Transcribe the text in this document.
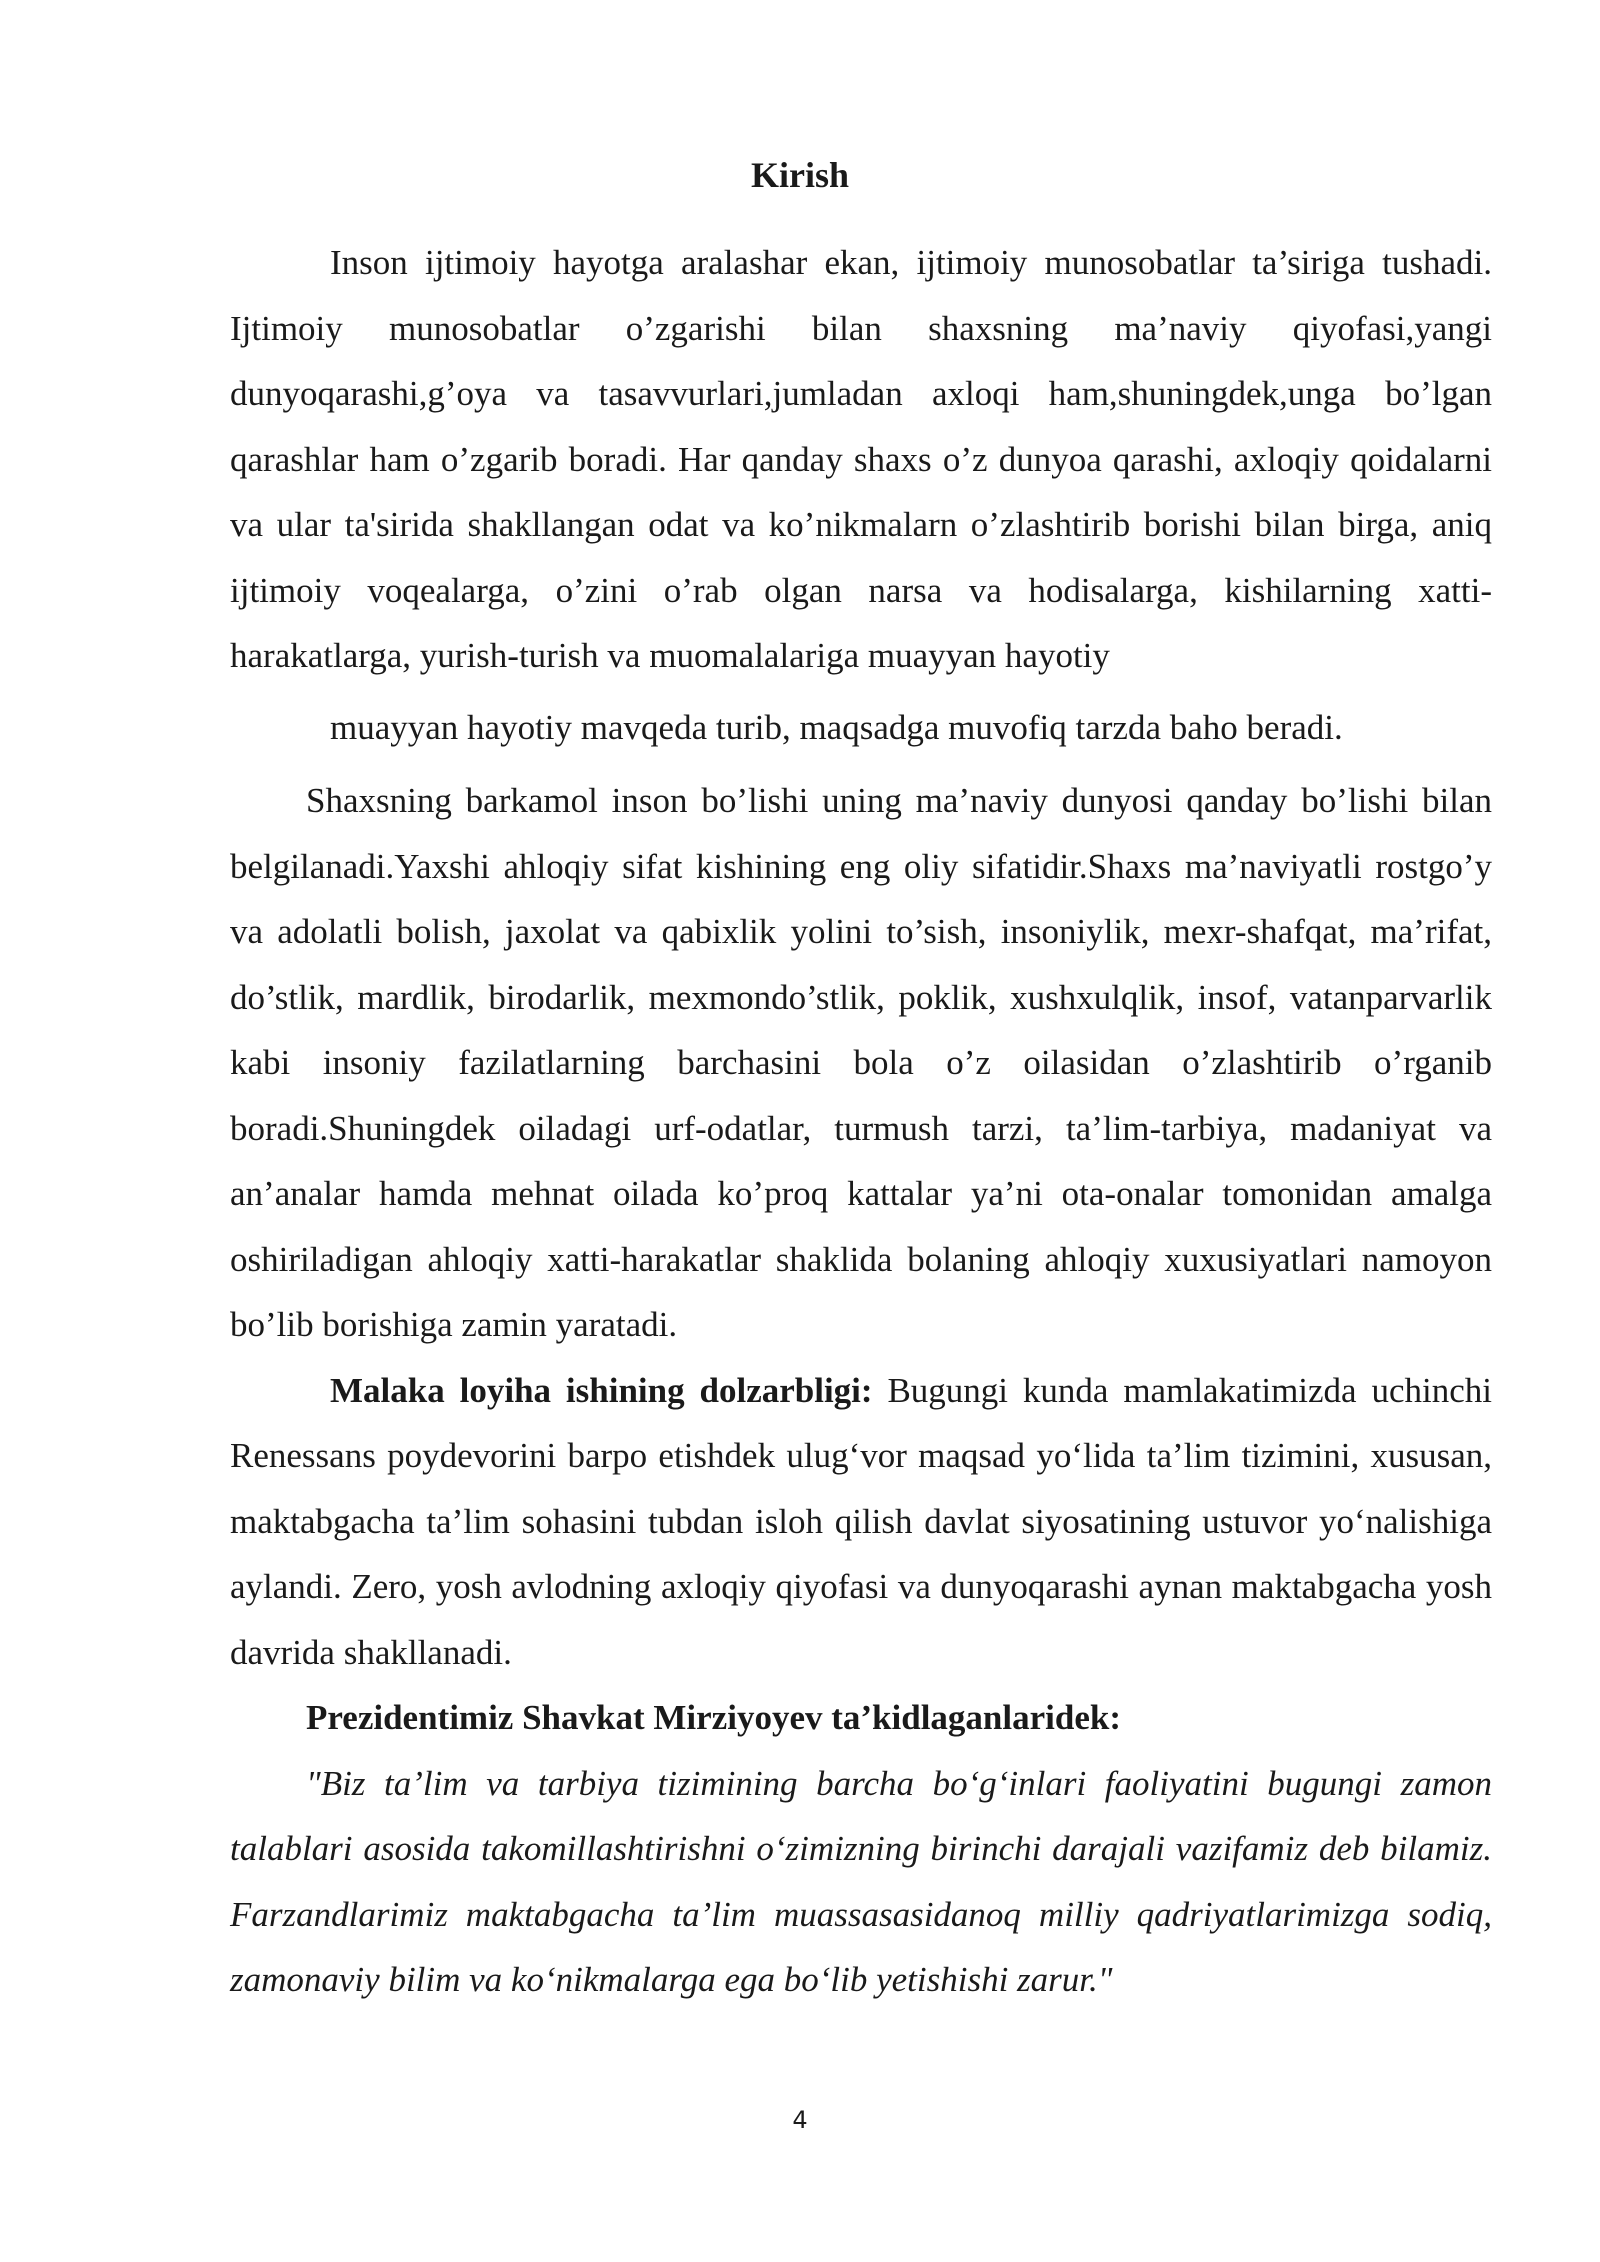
Kirish

Inson ijtimoiy hayotga aralashar ekan, ijtimoiy munosobatlar ta’siriga tushadi. Ijtimoiy munosobatlar o’zgarishi bilan shaxsning ma’naviy qiyofasi,yangi dunyoqarashi,g’oya va tasavvurlari,jumladan axloqi ham,shuningdek,unga bo’lgan qarashlar ham o’zgarib boradi. Har qanday shaxs o’z dunyoa qarashi, axloqiy qoidalarni va ular ta'sirida shakllangan odat va ko’nikmalarn o’zlashtirib borishi bilan birga, aniq ijtimoiy voqealarga, o’zini o’rab olgan narsa va hodisalarga, kishilarning xatti-harakatlarga, yurish-turish va muomalalariga muayyan hayotiy
muayyan hayotiy mavqeda turib, maqsadga muvofiq tarzda baho beradi.

Shaxsning barkamol inson bo’lishi uning ma’naviy dunyosi qanday bo’lishi bilan belgilanadi.Yaxshi ahloqiy sifat kishining eng oliy sifatidir.Shaxs ma’naviyatli rostgo’y va adolatli bolish, jaxolat va qabixlik yolini to’sish, insoniylik, mexr-shafqat, ma’rifat, do’stlik, mardlik, birodarlik, mexmondo’stlik, poklik, xushxulqlik, insof, vatanparvarlik kabi insoniy fazilatlarning barchasini bola o’z oilasidan o’zlashtirib o’rganib boradi.Shuningdek oiladagi urf-odatlar, turmush tarzi, ta’lim-tarbiya, madaniyat va an’analar hamda mehnat oilada ko’proq kattalar ya’ni ota-onalar tomonidan amalga oshiriladigan ahloqiy xatti-harakatlar shaklida bolaning ahloqiy xuxusiyatlari namoyon bo’lib borishiga zamin yaratadi.

Malaka loyiha ishining dolzarbligi: Bugungi kunda mamlakatimizda uchinchi Renessans poydevorini barpo etishdek ulug‘vor maqsad yo‘lida ta’lim tizimini, xususan, maktabgacha ta’lim sohasini tubdan isloh qilish davlat siyosatining ustuvor yo‘nalishiga aylandi. Zero, yosh avlodning axloqiy qiyofasi va dunyoqarashi aynan maktabgacha yosh davrida shakllanadi.

Prezidentimiz Shavkat Mirziyoyev ta’kidlaganlaridek:

"Biz ta’lim va tarbiya tizimining barcha bo‘g‘inlari faoliyatini bugungi zamon talablari asosida takomillashtirishni o‘zimizning birinchi darajali vazifamiz deb bilamiz. Farzandlarimiz maktabgacha ta’lim muassasasidanoq milliy qadriyatlarimizga sodiq, zamonaviy bilim va ko‘nikmalarga ega bo‘lib yetishishi zarur."

4
